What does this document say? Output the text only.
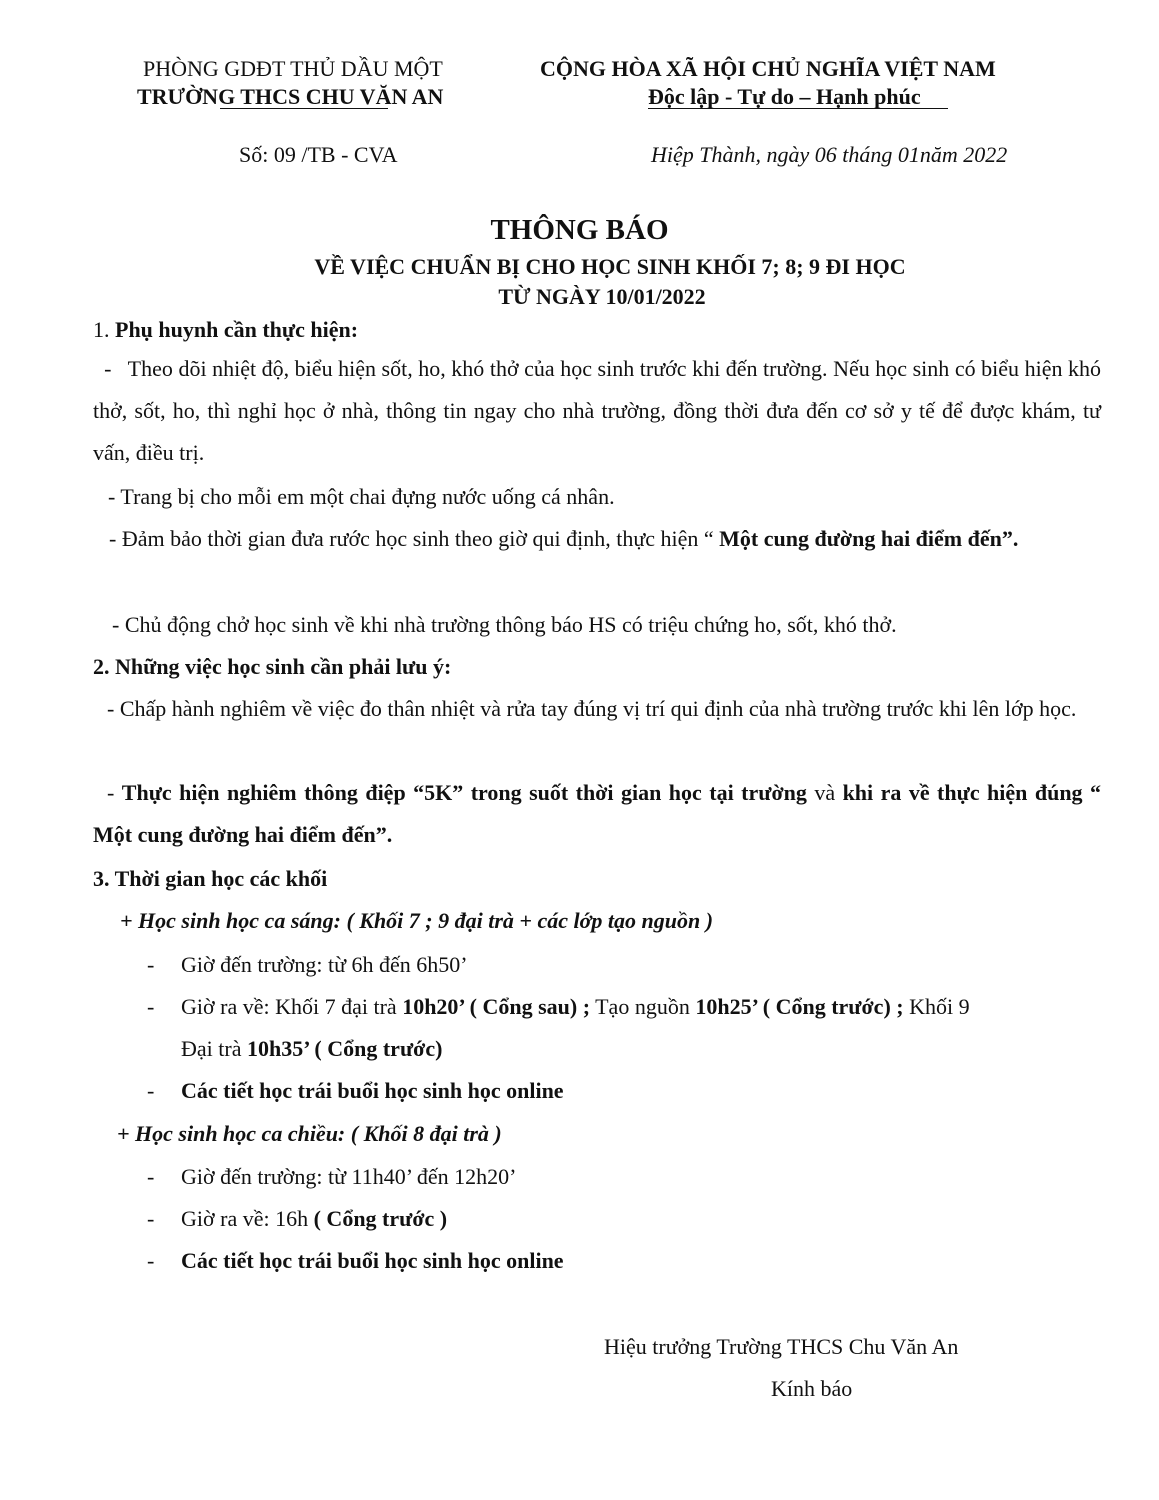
PHÒNG GDĐT THỦ DẦU MỘT
TRƯỜNG THCS CHU VĂN AN
CỘNG HÒA XÃ HỘI CHỦ NGHĨA VIỆT NAM
Độc lập - Tự do – Hạnh phúc
Số: 09 /TB - CVA	Hiệp Thành, ngày 06 tháng 01năm 2022
THÔNG BÁO
VỀ VIỆC CHUẨN BỊ CHO HỌC SINH KHỐI 7; 8; 9 ĐI HỌC
TỪ NGÀY 10/01/2022
1. Phụ huynh cần thực hiện:
-   Theo dõi nhiệt độ, biểu hiện sốt, ho, khó thở của học sinh trước khi đến trường. Nếu học sinh có biểu hiện khó thở, sốt, ho, thì nghỉ học ở nhà, thông tin ngay cho nhà trường, đồng thời đưa đến cơ sở y tế để được khám, tư vấn, điều trị.
- Trang bị cho mỗi em một chai đựng nước uống cá nhân.
- Đảm bảo thời gian đưa rước học sinh theo giờ qui định, thực hiện “ Một cung đường hai điểm đến”.
- Chủ động chở học sinh về khi nhà trường thông báo HS có triệu chứng ho, sốt, khó thở.
2. Những việc học sinh cần phải lưu ý:
- Chấp hành nghiêm về việc đo thân nhiệt và rửa tay đúng vị trí qui định của nhà trường trước khi lên lớp học.
- Thực hiện nghiêm thông điệp “5K” trong suốt thời gian học tại trường và khi ra về thực hiện đúng “ Một cung đường hai điểm đến”.
3. Thời gian học các khối
+ Học sinh học ca sáng: ( Khối 7 ; 9 đại trà + các lớp tạo nguồn )
- Giờ đến trường: từ 6h đến 6h50’
- Giờ ra về: Khối 7 đại trà 10h20’ ( Cổng sau) ; Tạo nguồn 10h25’ ( Cổng trước) ; Khối 9
Đại trà 10h35’ ( Cổng trước)
- Các tiết học trái buổi học sinh học online
+ Học sinh học ca chiều: ( Khối 8 đại trà )
- Giờ đến trường: từ 11h40’ đến 12h20’
- Giờ ra về: 16h ( Cổng trước )
- Các tiết học trái buổi học sinh học online
Hiệu trưởng Trường THCS Chu Văn An
Kính báo
